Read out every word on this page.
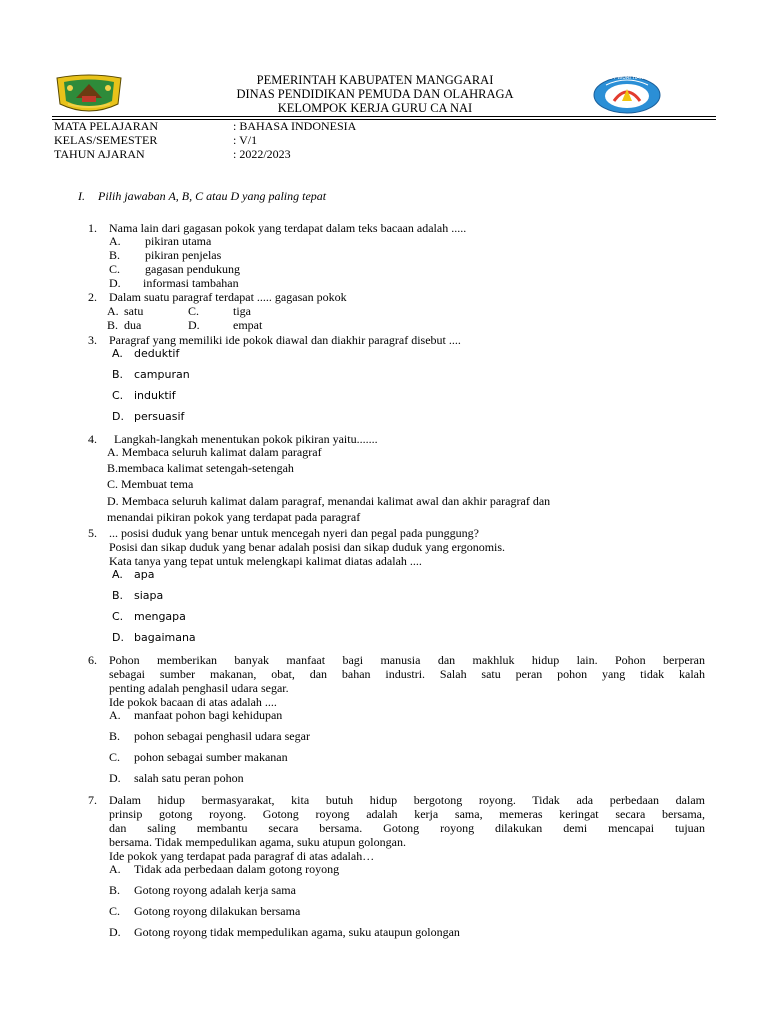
TUT WURI HANDAYANI
PEMERINTAH KABUPATEN MANGGARAI
DINAS PENDIDIKAN PEMUDA DAN OLAHRAGA
KELOMPOK KERJA GURU CA NAI
MATA PELAJARAN	: BAHASA INDONESIA
KELAS/SEMESTER	: V/1
TAHUN AJARAN	: 2022/2023
I. Pilih jawaban A, B, C atau D yang paling tepat
1. Nama lain dari gagasan pokok yang terdapat dalam teks bacaan adalah .....
A. pikiran utama
B. pikiran penjelas
C. gagasan pendukung
D. informasi tambahan
2. Dalam suatu paragraf terdapat ..... gagasan pokok
A. satu	C.	tiga
B. dua	D.	empat
3. Paragraf yang memiliki ide pokok diawal dan diakhir paragraf disebut ....
A. deduktif
B. campuran
C. induktif
D. persuasif
4. Langkah-langkah menentukan pokok pikiran yaitu.......
A. Membaca seluruh kalimat dalam paragraf
B.membaca kalimat setengah-setengah
C. Membuat tema
D. Membaca seluruh kalimat dalam paragraf, menandai kalimat awal dan akhir paragraf dan
menandai pikiran pokok yang terdapat pada paragraf
5. ... posisi duduk yang benar untuk mencegah nyeri dan pegal pada punggung?
Posisi dan sikap duduk yang benar adalah posisi dan sikap duduk yang ergonomis.
Kata tanya yang tepat untuk melengkapi kalimat diatas adalah ....
A. apa
B. siapa
C. mengapa
D. bagaimana
6. Pohon memberikan banyak manfaat bagi manusia dan makhluk hidup lain. Pohon berperan
sebagai sumber makanan, obat, dan bahan industri. Salah satu peran pohon yang tidak kalah
penting adalah penghasil udara segar.
Ide pokok bacaan di atas adalah ....
A. manfaat pohon bagi kehidupan
B. pohon sebagai penghasil udara segar
C. pohon sebagai sumber makanan
D. salah satu peran pohon
7. Dalam hidup bermasyarakat, kita butuh hidup bergotong royong. Tidak ada perbedaan dalam
prinsip gotong royong. Gotong royong adalah kerja sama, memeras keringat secara bersama,
dan saling membantu secara bersama. Gotong royong dilakukan demi mencapai tujuan
bersama. Tidak mempedulikan agama, suku atupun golongan.
Ide pokok yang terdapat pada paragraf di atas adalah…
A. Tidak ada perbedaan dalam gotong royong
B. Gotong royong adalah kerja sama
C. Gotong royong dilakukan bersama
D. Gotong royong tidak mempedulikan agama, suku ataupun golongan
